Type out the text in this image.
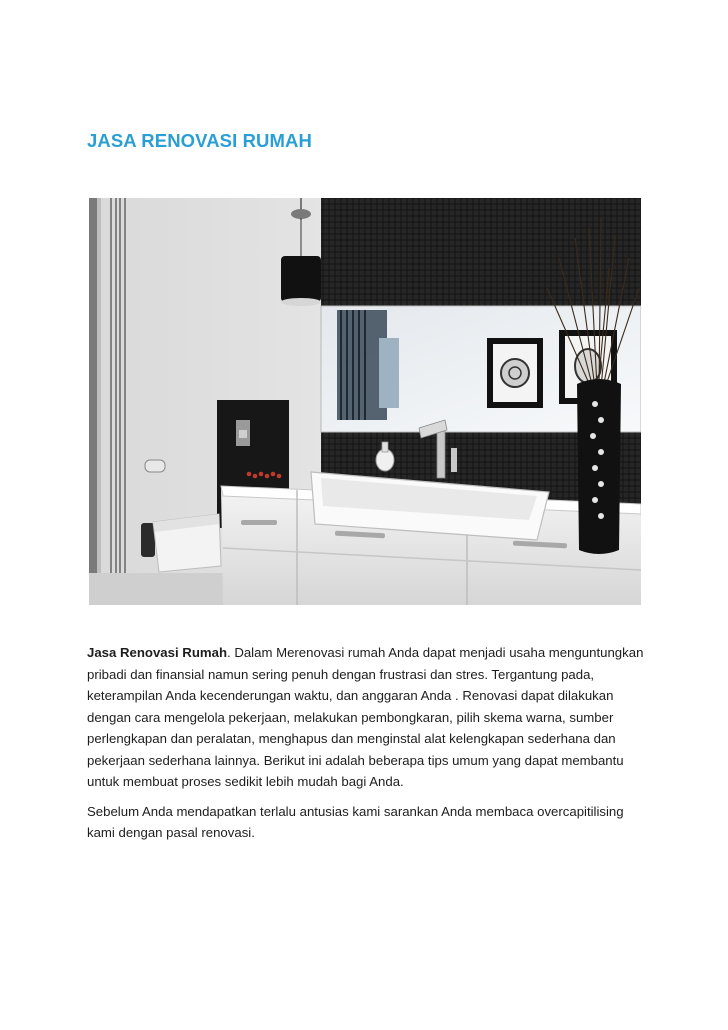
JASA RENOVASI RUMAH

Jasa Renovasi Rumah. Dalam Merenovasi rumah Anda dapat menjadi usaha menguntungkan pribadi dan finansial namun sering penuh dengan frustrasi dan stres. Tergantung pada, keterampilan Anda kecenderungan waktu, dan anggaran Anda . Renovasi dapat dilakukan dengan cara mengelola pekerjaan, melakukan pembongkaran, pilih skema warna, sumber perlengkapan dan peralatan, menghapus dan menginstal alat kelengkapan sederhana dan pekerjaan sederhana lainnya. Berikut ini adalah beberapa tips umum yang dapat membantu untuk membuat proses sedikit lebih mudah bagi Anda.

Sebelum Anda mendapatkan terlalu antusias kami sarankan Anda membaca overcapitilising kami dengan pasal renovasi.
